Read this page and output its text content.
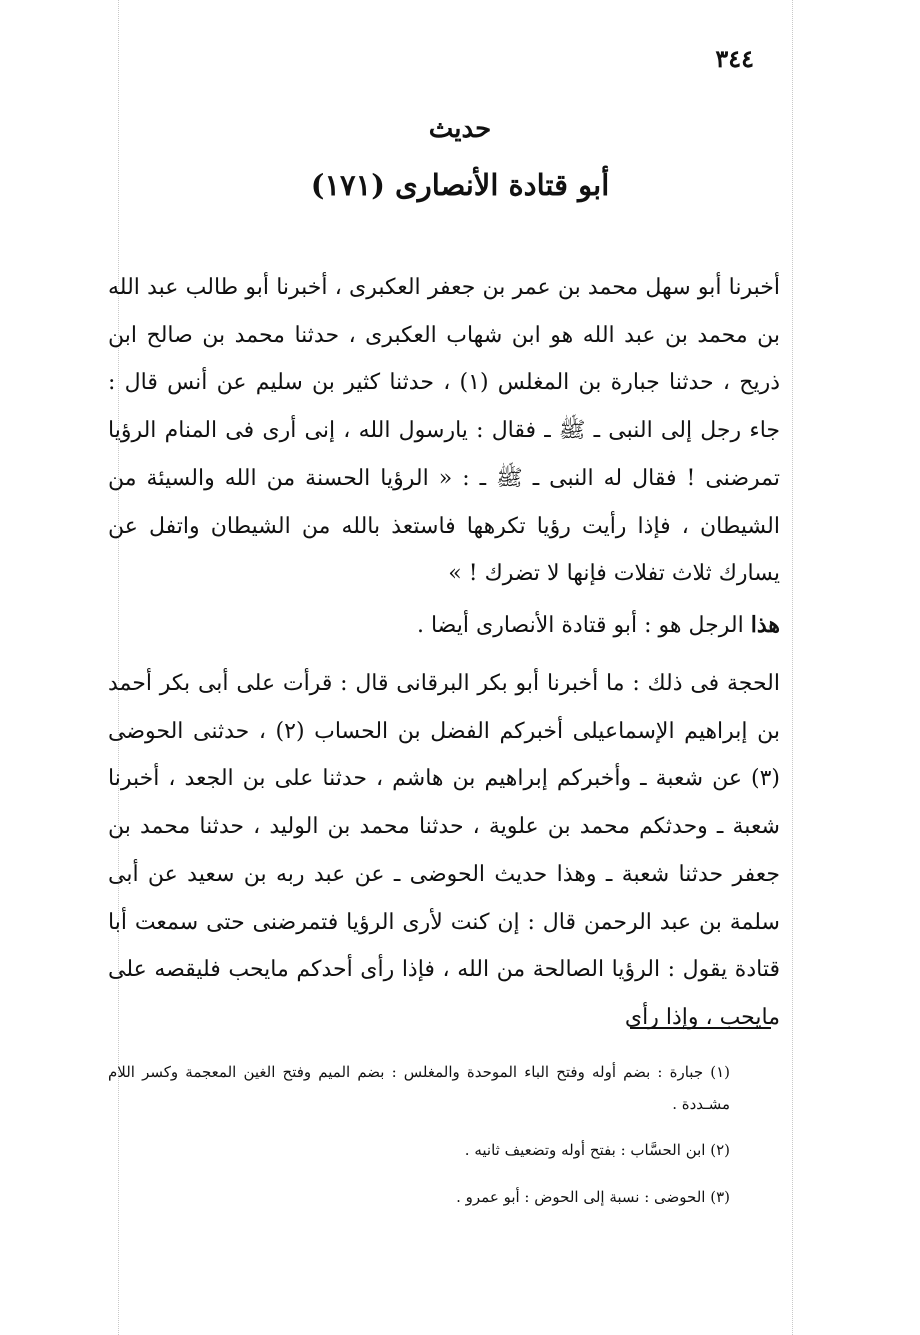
٣٤٤
حديث
(١٧١) أبو قتادة الأنصارى
أخبرنا أبو سهل محمد بن عمر بن جعفر العكبرى ، أخبرنا أبو طالب عبد الله بن محمد بن عبد الله هو ابن شهاب العكبرى ، حدثنا محمد بن صالح ابن ذريح ، حدثنا جبارة بن المغلس (١) ، حدثنا كثير بن سليم عن أنس قال : جاء رجل إلى النبى ـ ﷺ ـ فقال : يارسول الله ، إنى أرى فى المنام الرؤيا تمرضنى ! فقال له النبى ـ ﷺ ـ : « الرؤيا الحسنة من الله والسيئة من الشيطان ، فإذا رأيت رؤيا تكرهها فاستعذ بالله من الشيطان واتفل عن يسارك ثلاث تفلات فإنها لا تضرك ! »
هذا الرجل هو : أبو قتادة الأنصارى أيضا .
الحجة فى ذلك : ما أخبرنا أبو بكر البرقانى قال : قرأت على أبى بكر أحمد بن إبراهيم الإسماعيلى أخبركم الفضل بن الحساب (٢) ، حدثنى الحوضى (٣) عن شعبة ـ وأخبركم إبراهيم بن هاشم ، حدثنا على بن الجعد ، أخبرنا شعبة ـ وحدثكم محمد بن علوية ، حدثنا محمد بن الوليد ، حدثنا محمد بن جعفر حدثنا شعبة ـ وهذا حديث الحوضى ـ عن عبد ربه بن سعيد عن أبى سلمة بن عبد الرحمن قال : إن كنت لأرى الرؤيا فتمرضنى حتى سمعت أبا قتادة يقول : الرؤيا الصالحة من الله ، فإذا رأى أحدكم مايحب فليقصه على مايحب ، وإذا رأى
(١) جبارة : بضم أوله وفتح الباء الموحدة والمغلس : بضم الميم وفتح الغين المعجمة وكسر اللام مشـددة .
(٢) ابن الحسَّاب : بفتح أوله وتضعيف ثانيه .
(٣) الحوضى : نسبة إلى الحوض : أبو عمرو .
